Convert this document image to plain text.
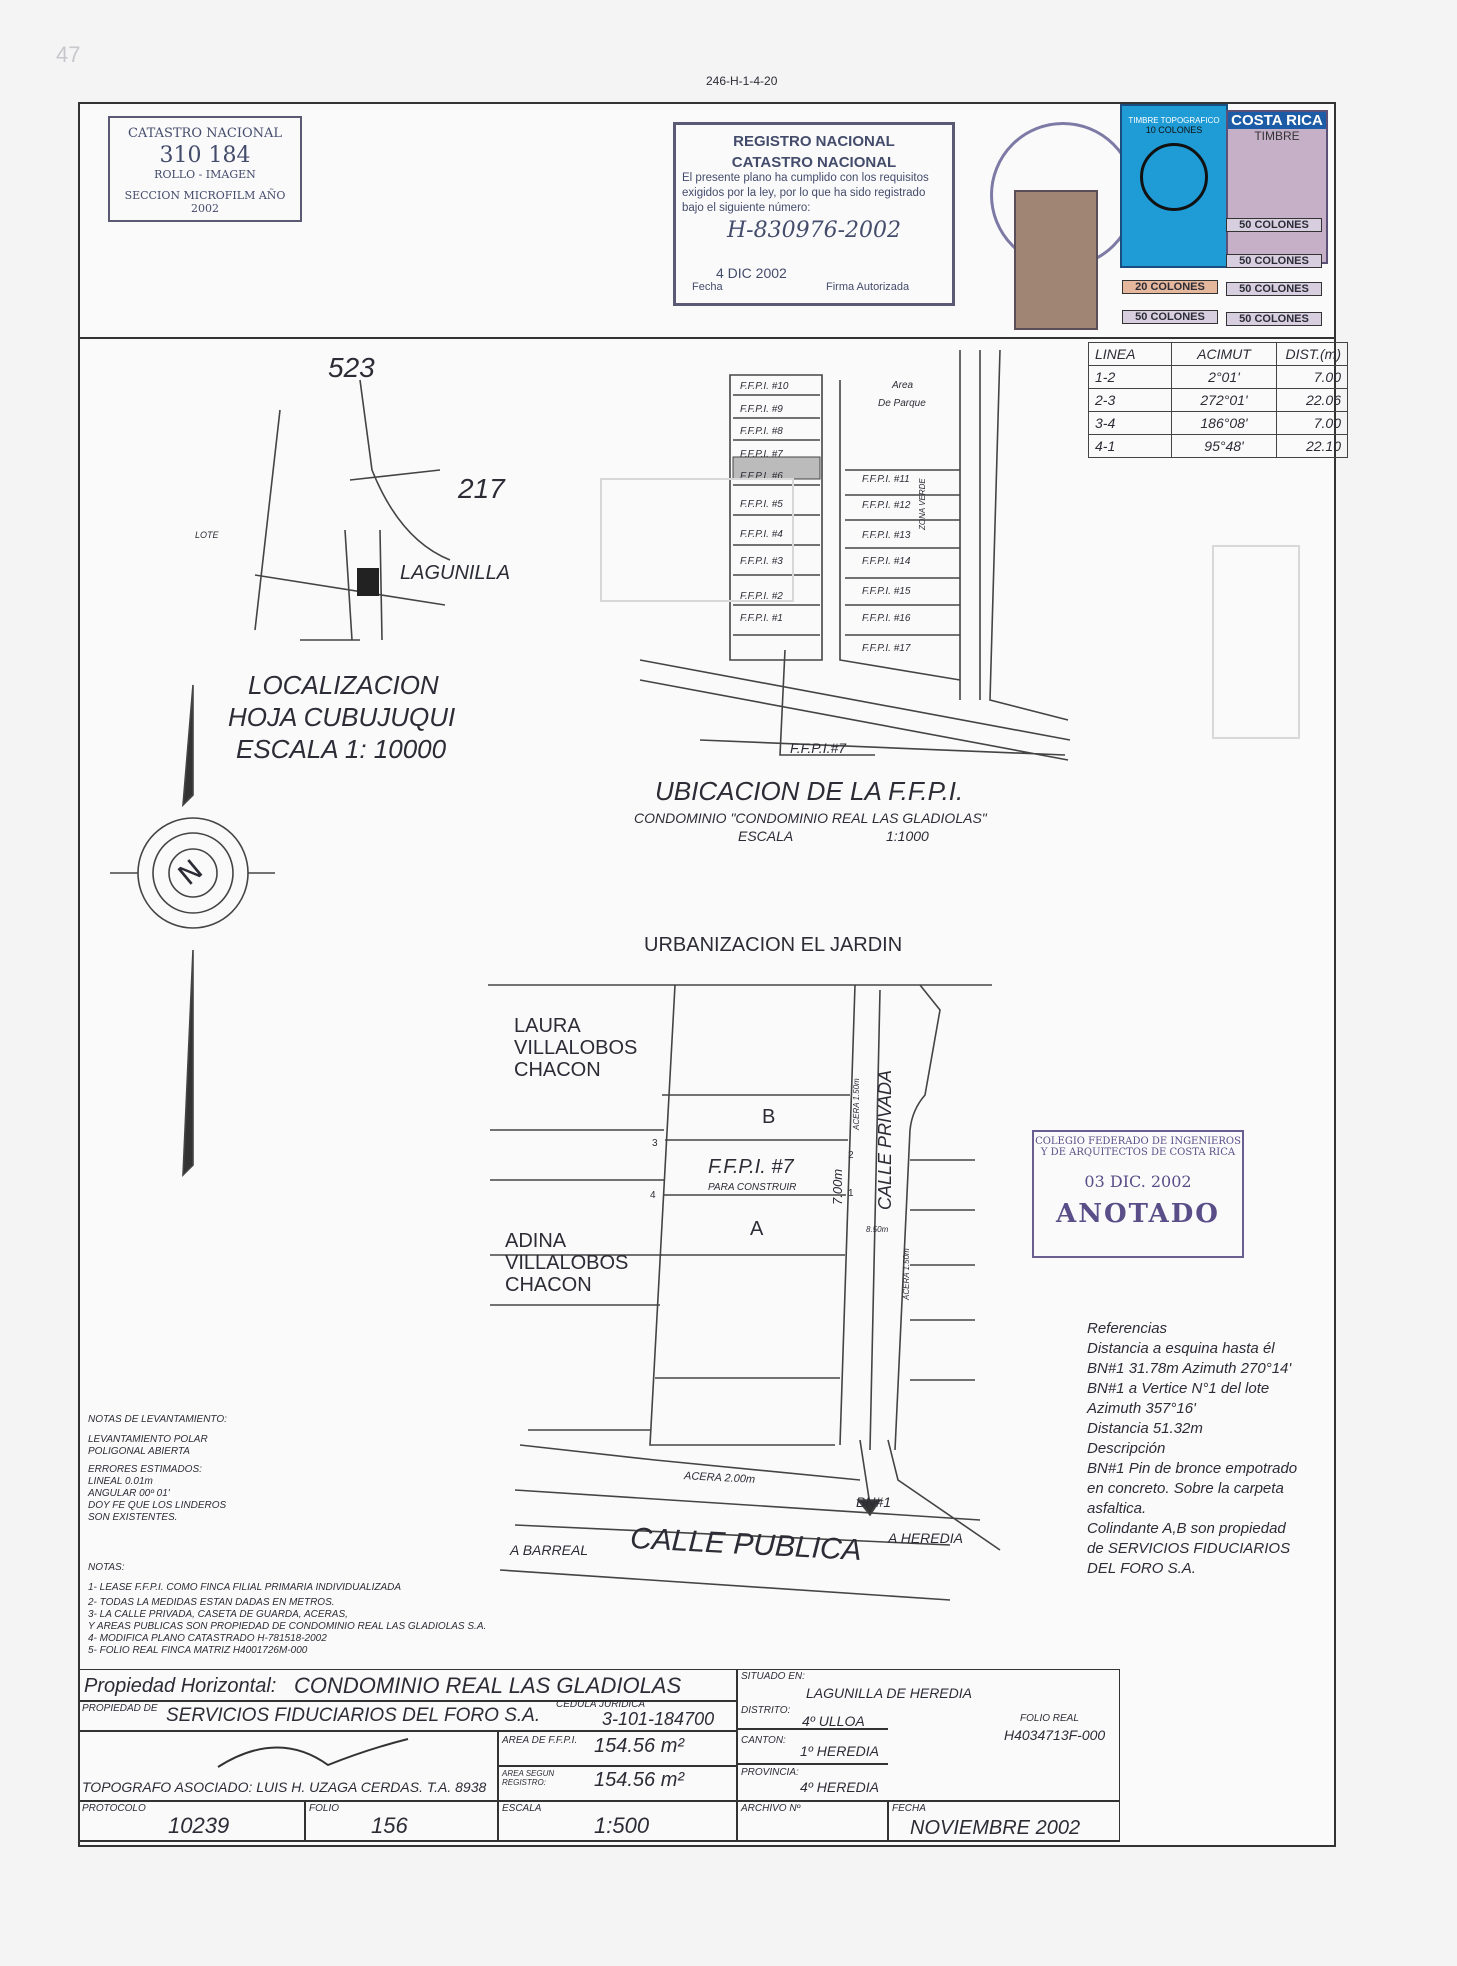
246-H-1-4-20
47
CATASTRO NACIONAL
310 184
ROLLO - IMAGEN
SECCION MICROFILM AÑO 2002
REGISTRO NACIONAL
CATASTRO NACIONAL
El presente plano ha cumplido con los requisitos exigidos por la ley, por lo que ha sido registrado bajo el siguiente número:
H-830976-2002
4 DIC 2002
Fecha	Firma Autorizada
TIMBRE TOPOGRAFICO
10 COLONES
COSTA RICA
TIMBRE
50 COLONES
50 COLONES
20 COLONES	50 COLONES
50 COLONES	50 COLONES
LINEA	ACIMUT	DIST.(m)
1-2	2°01'	7.00
2-3	272°01'	22.06
3-4	186°08'	7.00
4-1	95°48'	22.10
523
217
LOTE
LAGUNILLA
LOCALIZACION
HOJA CUBUJUQUI
ESCALA 1: 10000
N
F.F.P.I. #10
F.F.P.I. #9
F.F.P.I. #8
F.F.P.I. #7
F.F.P.I. #6
F.F.P.I. #5
F.F.P.I. #4
F.F.P.I. #3
F.F.P.I. #2
F.F.P.I. #1
F.F.P.I. #11
F.F.P.I. #12
F.F.P.I. #13
F.F.P.I. #14
F.F.P.I. #15
F.F.P.I. #16
F.F.P.I. #17
Area
De Parque
ZONA VERDE
F.F.P.I.#7
UBICACION DE LA F.F.P.I.
CONDOMINIO "CONDOMINIO REAL LAS GLADIOLAS"
ESCALA	1:1000
URBANIZACION EL JARDIN
LAURA
VILLALOBOS
CHACON
ADINA
VILLALOBOS
CHACON
B
F.F.P.I. #7
PARA CONSTRUIR
A
7.00m
ACERA 1.50m
ACERA 1.50m
CALLE PRIVADA
8.50m
ACERA 2.00m
BN#1
CALLE PUBLICA
A BARREAL
A HEREDIA
1
2
3
4
COLEGIO FEDERADO DE INGENIEROS
Y DE ARQUITECTOS DE COSTA RICA
03 DIC. 2002
ANOTADO
Referencias
Distancia a esquina hasta él
BN#1 31.78m Azimuth 270°14'
BN#1 a Vertice N°1 del lote
Azimuth 357°16'
Distancia 51.32m
Descripción
BN#1 Pin de bronce empotrado
en concreto. Sobre la carpeta
asfaltica.
Colindante A,B son propiedad
de SERVICIOS FIDUCIARIOS
DEL FORO S.A.
NOTAS DE LEVANTAMIENTO:
LEVANTAMIENTO POLAR
POLIGONAL ABIERTA
ERRORES ESTIMADOS:
LINEAL 0.01m
ANGULAR 00º 01'
DOY FE QUE LOS LINDEROS
SON EXISTENTES.
NOTAS:
1- LEASE F.F.P.I. COMO FINCA FILIAL PRIMARIA INDIVIDUALIZADA
2- TODAS LA MEDIDAS ESTAN DADAS EN METROS.
3- LA CALLE PRIVADA, CASETA DE GUARDA, ACERAS,
Y AREAS PUBLICAS SON PROPIEDAD DE CONDOMINIO REAL LAS GLADIOLAS S.A.
4- MODIFICA PLANO CATASTRADO H-781518-2002
5- FOLIO REAL FINCA MATRIZ H4001726M-000
Propiedad Horizontal: CONDOMINIO REAL LAS GLADIOLAS
PROPIEDAD DE SERVICIOS FIDUCIARIOS DEL FORO S.A.
CEDULA JURIDICA
3-101-184700
AREA DE F.F.P.I. 154.56 m²
AREA SEGUN REGISTRO:	154.56 m²
TOPOGRAFO ASOCIADO: LUIS H. UZAGA CERDAS. T.A. 8938
PROTOCOLO
10239
FOLIO
156
ESCALA
1:500
SITUADO EN:
LAGUNILLA DE HEREDIA
DISTRITO:
4º ULLOA
CANTON:
1º HEREDIA
PROVINCIA:
4º HEREDIA
ARCHIVO Nº	FECHA
NOVIEMBRE 2002
FOLIO REAL
H4034713F-000
